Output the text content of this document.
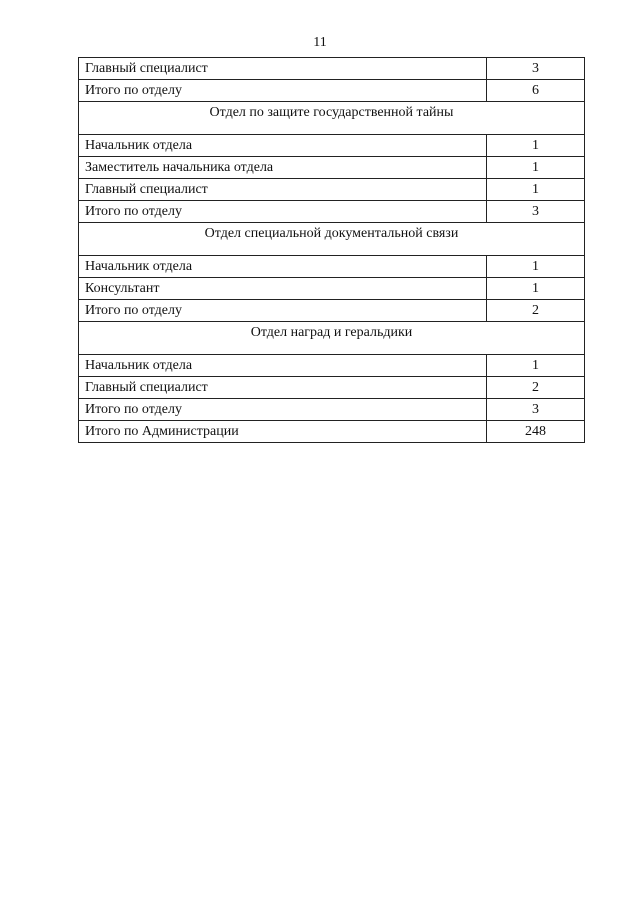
11
Главный специалист	3
Итого по отделу	6
Отдел по защите государственной тайны	
Начальник отдела	1
Заместитель начальника отдела	1
Главный специалист	1
Итого по отделу	3
Отдел специальной документальной связи	
Начальник отдела	1
Консультант	1
Итого по отделу	2
Отдел наград и геральдики	
Начальник отдела	1
Главный специалист	2
Итого по отделу	3
Итого по Администрации	248
